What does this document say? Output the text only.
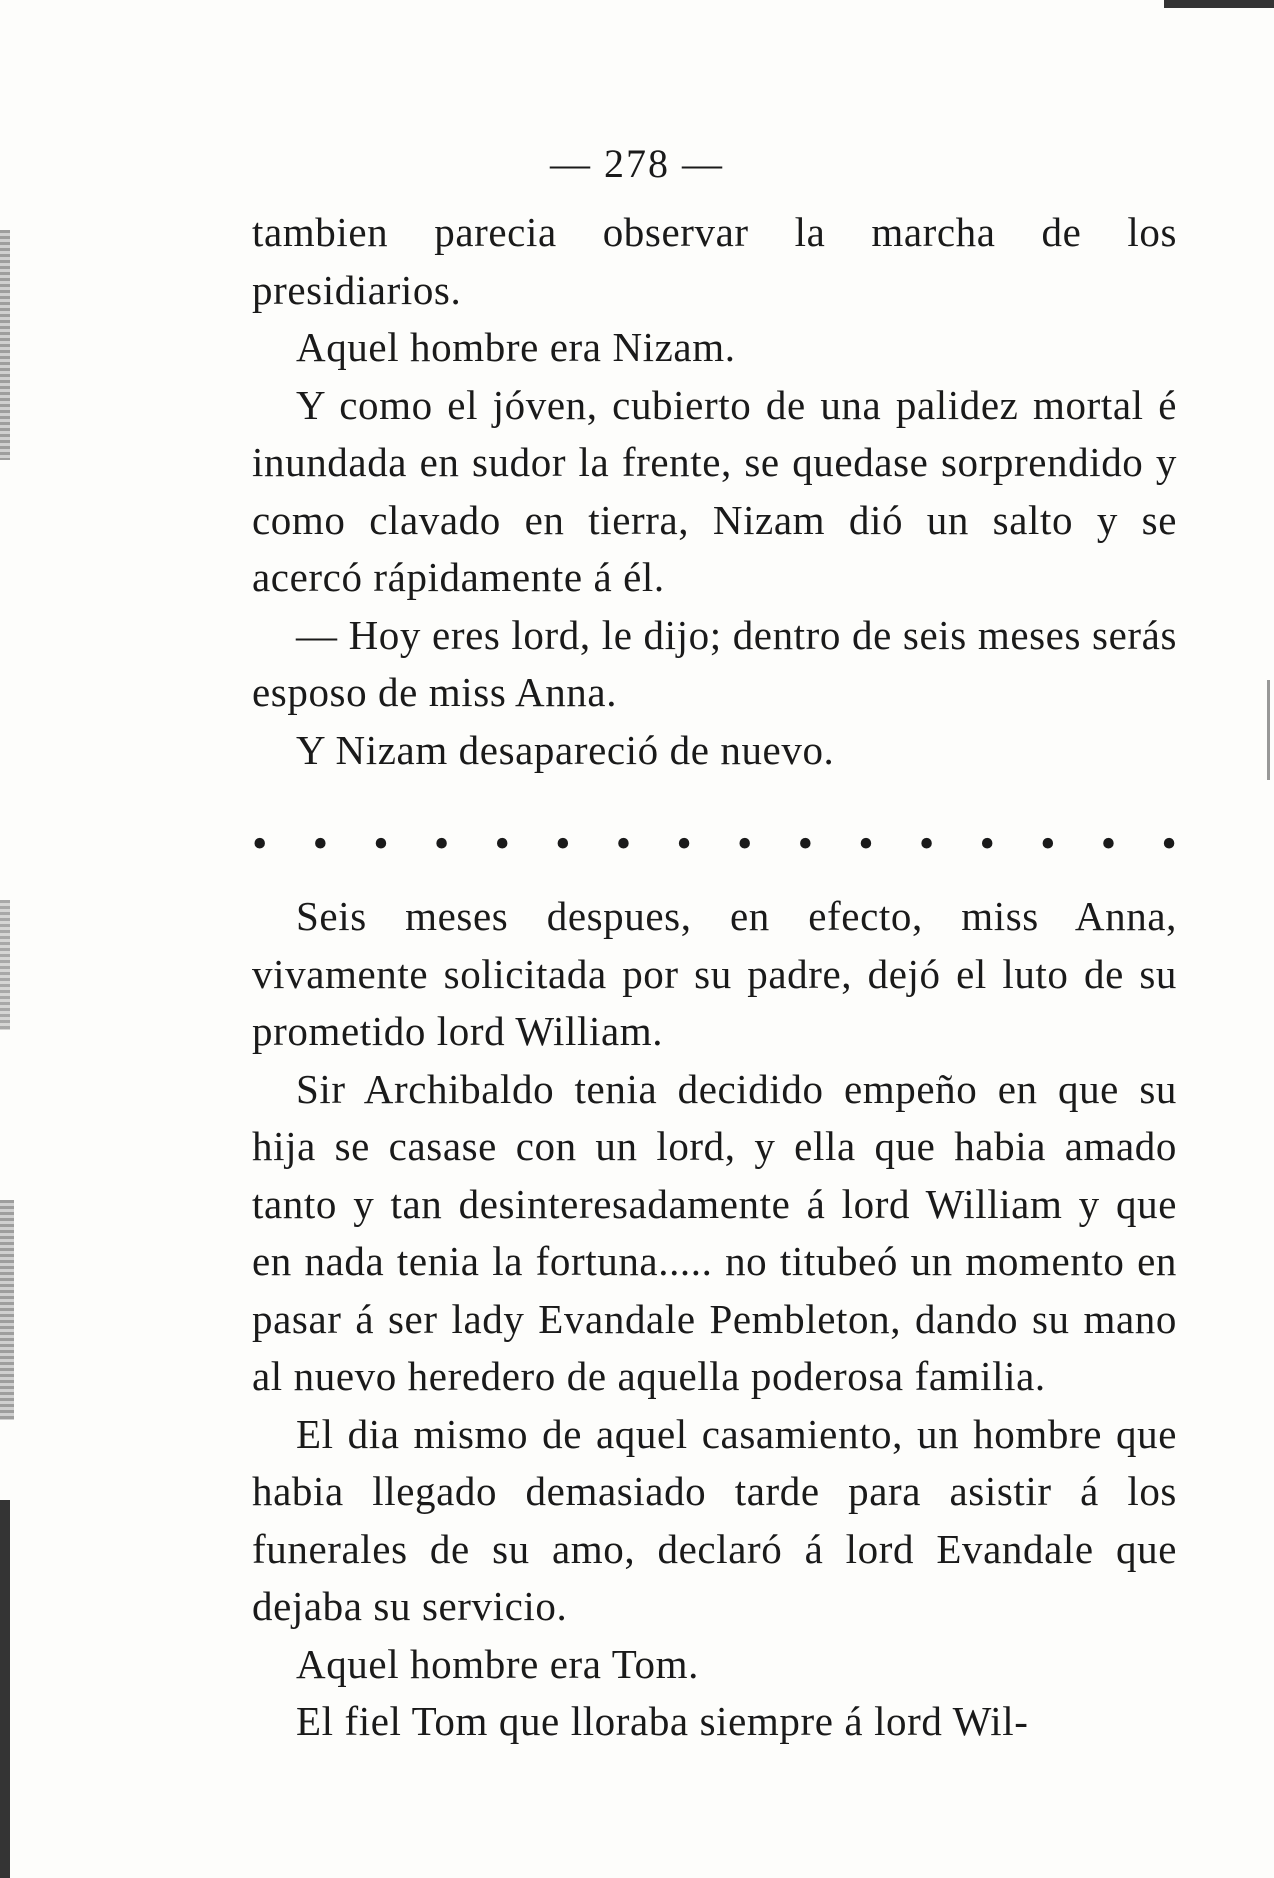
— 278 —

tambien parecia observar la marcha de los presidiarios.

Aquel hombre era Nizam.

Y como el jóven, cubierto de una palidez mortal é inundada en sudor la frente, se quedase sorprendido y como clavado en tierra, Nizam dió un salto y se acercó rápidamente á él.

— Hoy eres lord, le dijo; dentro de seis meses serás esposo de miss Anna.

Y Nizam desapareció de nuevo.

• • • • • • • • • • • • • • • •

Seis meses despues, en efecto, miss Anna, vivamente solicitada por su padre, dejó el luto de su prometido lord William.

Sir Archibaldo tenia decidido empeño en que su hija se casase con un lord, y ella que habia amado tanto y tan desinteresadamente á lord William y que en nada tenia la fortuna..... no titubeó un momento en pasar á ser lady Evandale Pembleton, dando su mano al nuevo heredero de aquella poderosa familia.

El dia mismo de aquel casamiento, un hombre que habia llegado demasiado tarde para asistir á los funerales de su amo, declaró á lord Evandale que dejaba su servicio.

Aquel hombre era Tom.

El fiel Tom que lloraba siempre á lord Wil-
